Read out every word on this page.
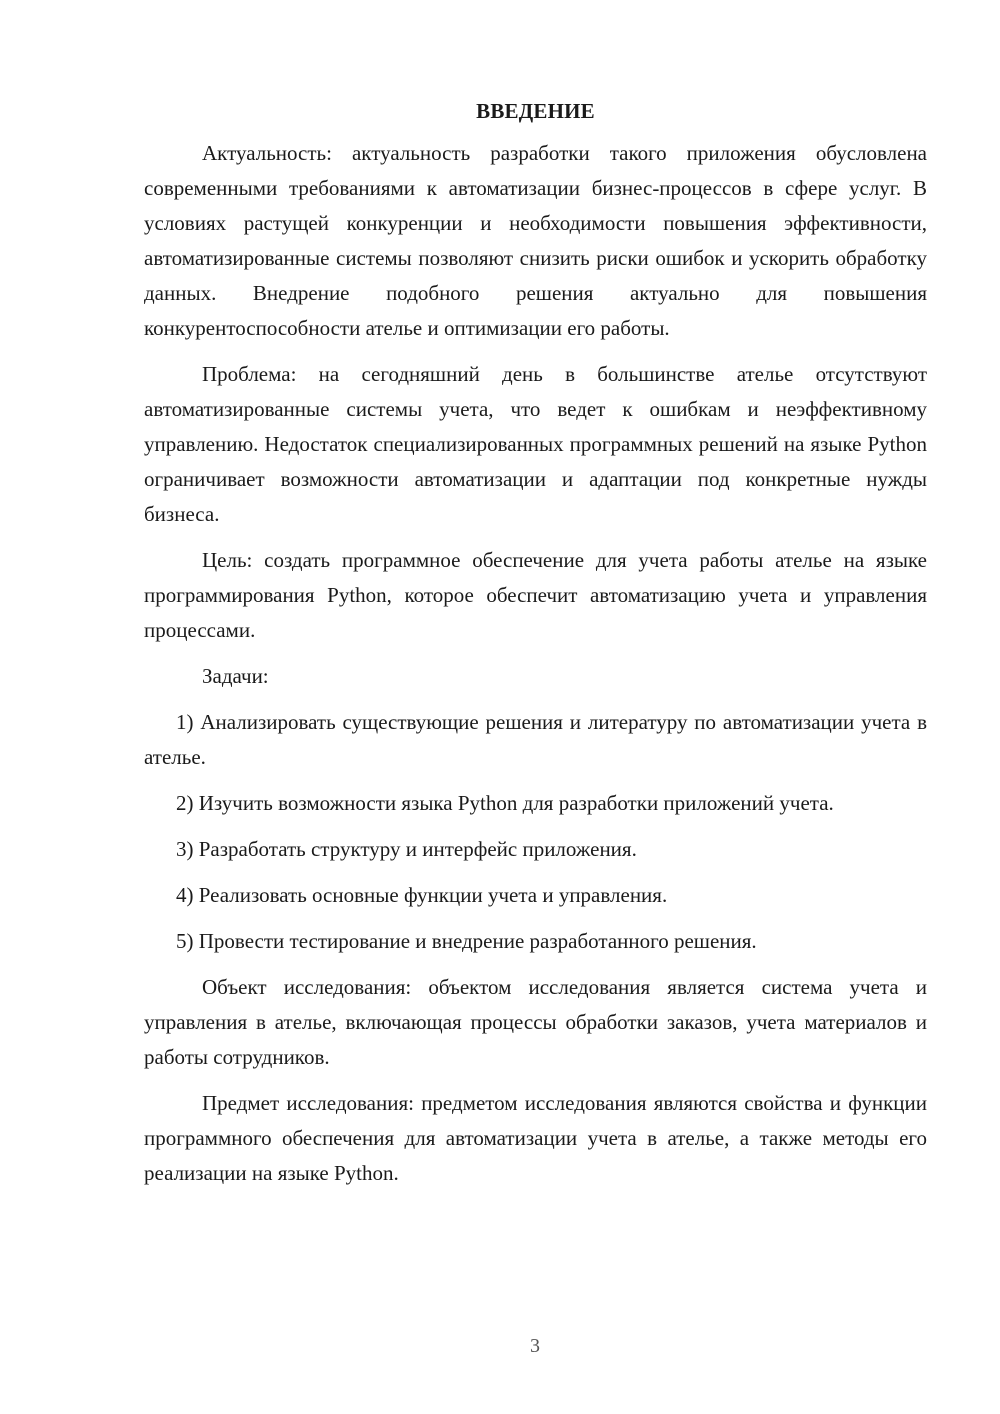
ВВЕДЕНИЕ

Актуальность: актуальность разработки такого приложения обусловлена современными требованиями к автоматизации бизнес-процессов в сфере услуг. В условиях растущей конкуренции и необходимости повышения эффективности, автоматизированные системы позволяют снизить риски ошибок и ускорить обработку данных. Внедрение подобного решения актуально для повышения конкурентоспособности ателье и оптимизации его работы.

Проблема: на сегодняшний день в большинстве ателье отсутствуют автоматизированные системы учета, что ведет к ошибкам и неэффективному управлению. Недостаток специализированных программных решений на языке Python ограничивает возможности автоматизации и адаптации под конкретные нужды бизнеса.

Цель: создать программное обеспечение для учета работы ателье на языке программирования Python, которое обеспечит автоматизацию учета и управления процессами.

Задачи:

1) Анализировать существующие решения и литературу по автоматизации учета в ателье.

2) Изучить возможности языка Python для разработки приложений учета.

3) Разработать структуру и интерфейс приложения.

4) Реализовать основные функции учета и управления.

5) Провести тестирование и внедрение разработанного решения.

Объект исследования: объектом исследования является система учета и управления в ателье, включающая процессы обработки заказов, учета материалов и работы сотрудников.

Предмет исследования: предметом исследования являются свойства и функции программного обеспечения для автоматизации учета в ателье, а также методы его реализации на языке Python.

3
